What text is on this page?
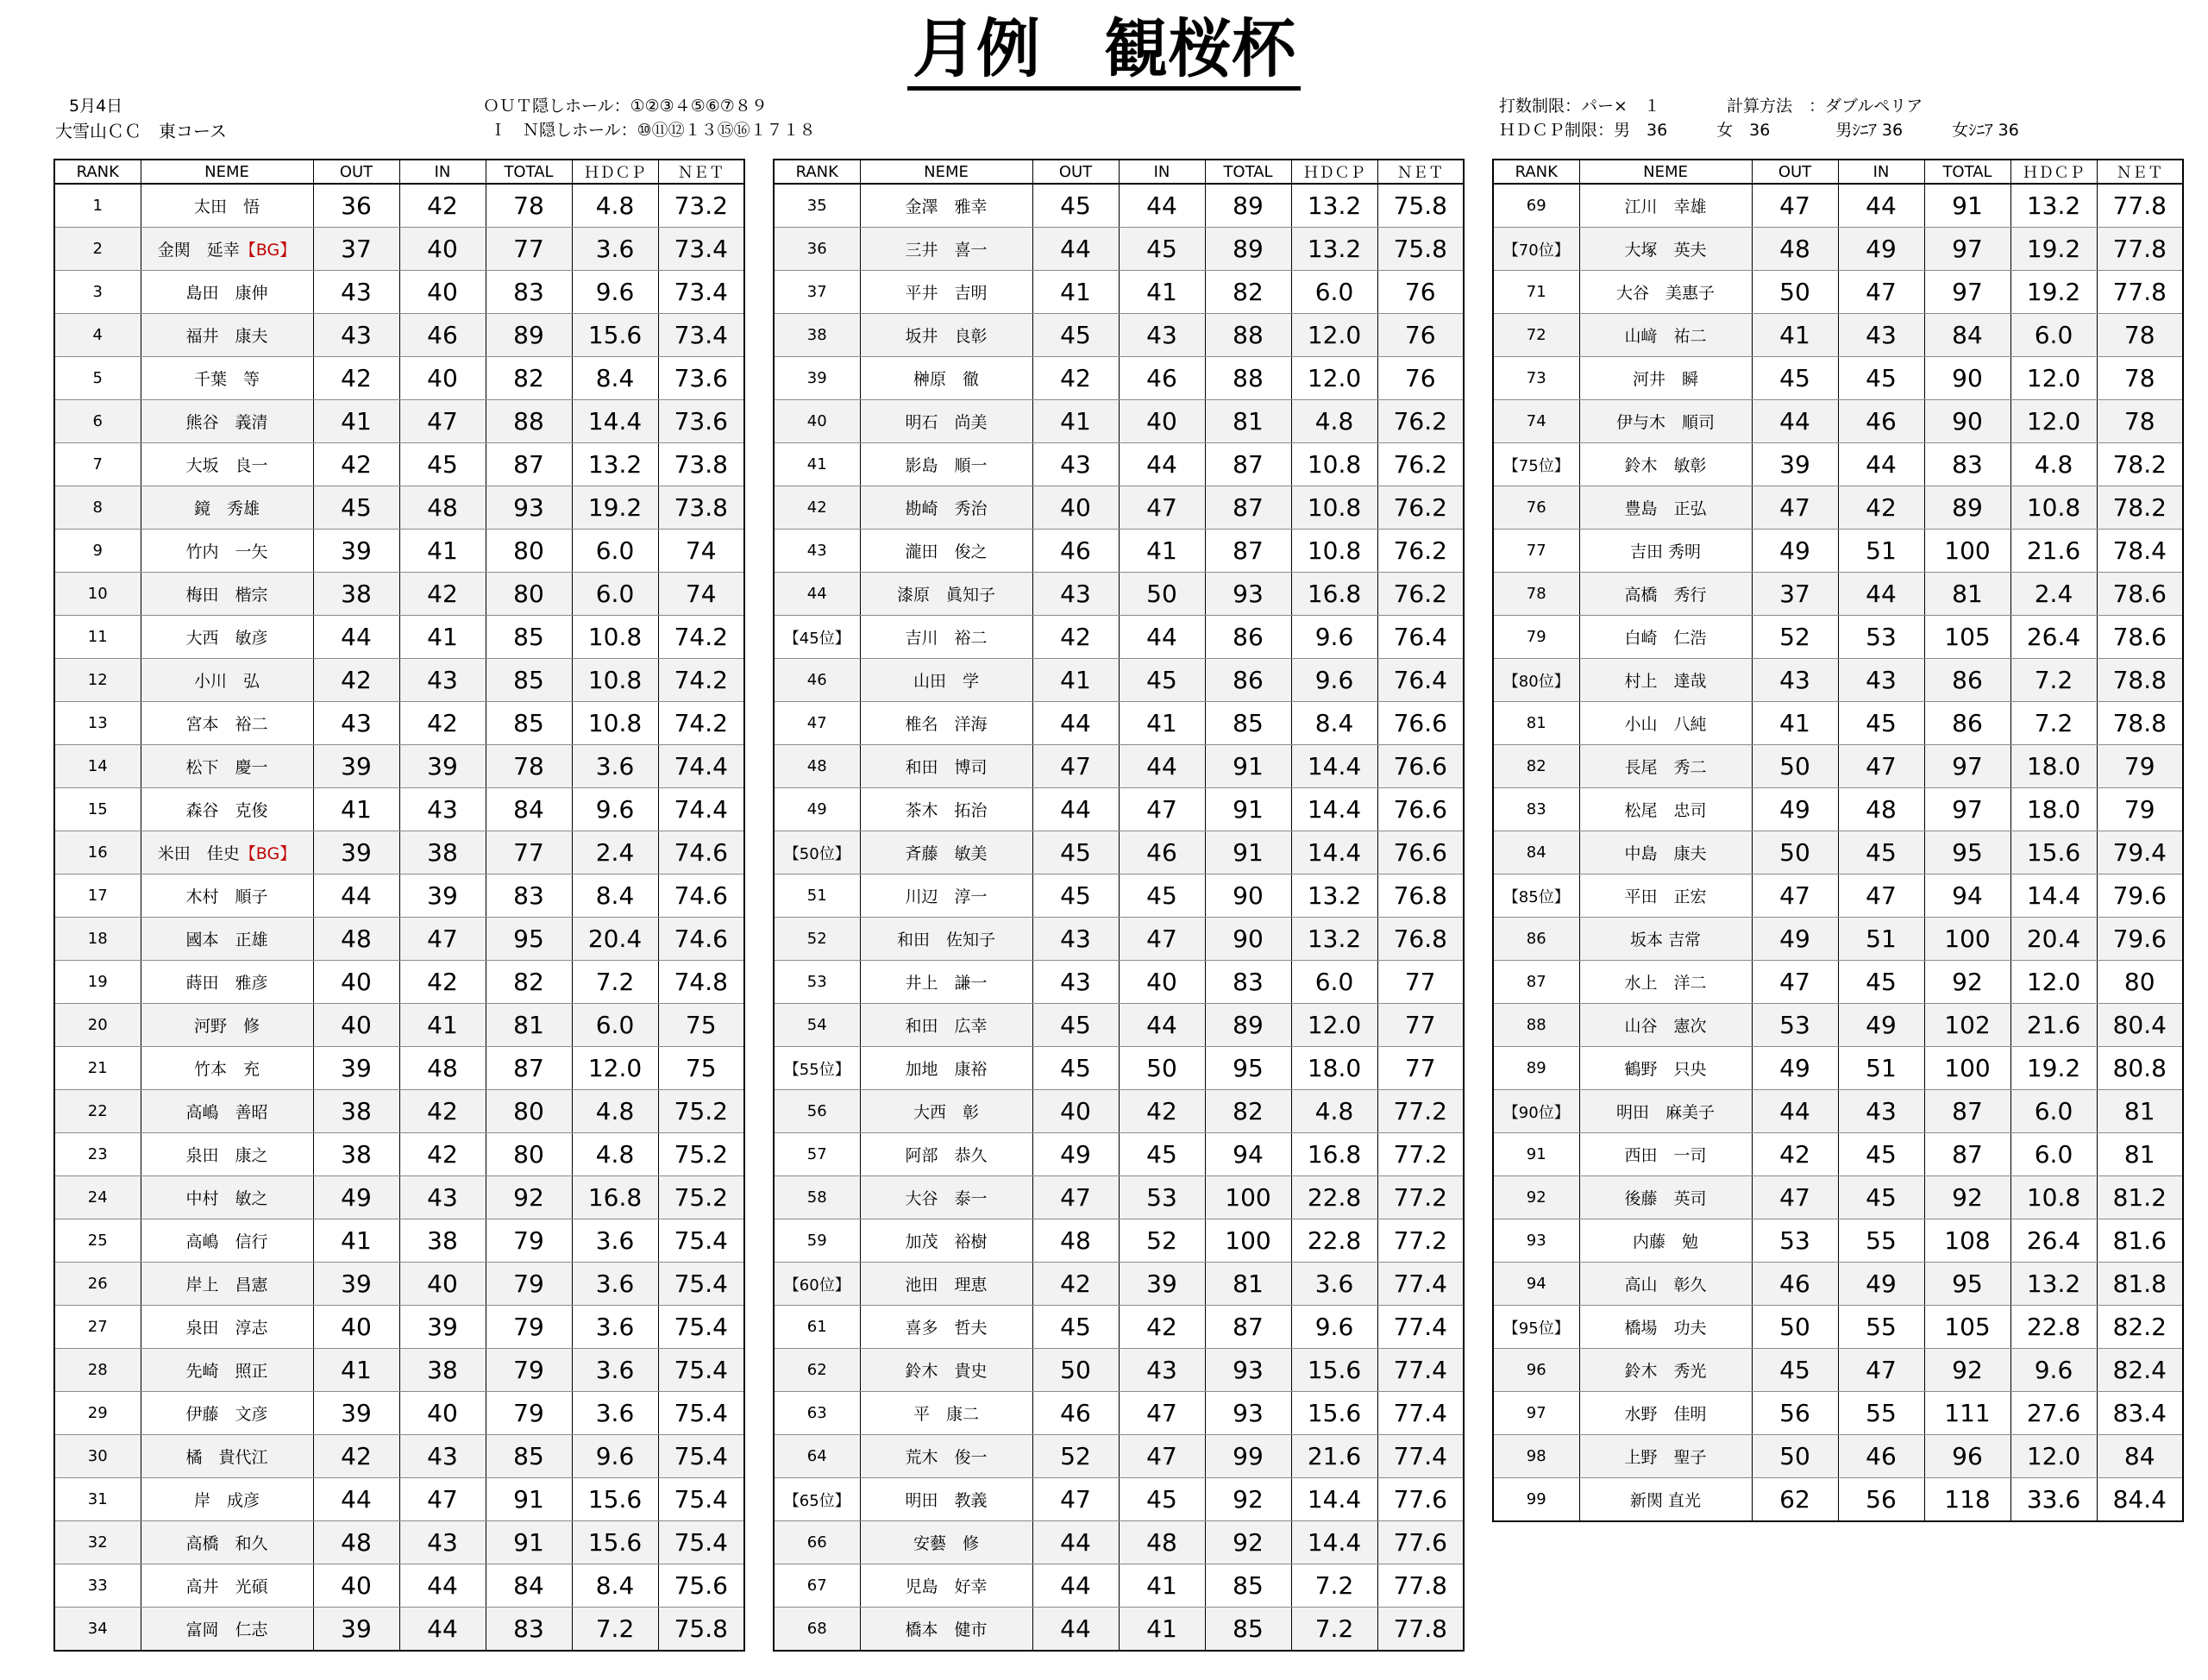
月例　観桜杯
5月4日
大雪山ＣＣ　東コース
ＯＵＴ隠しホール：①②③４⑤⑥⑦８９
Ｉ　Ｎ隠しホール：⑩⑪⑫１３⑮⑯１７１８
打数制限：パー×　１	計算方法　：ダブルペリア
ＨＤＣＰ制限：男　36　　　女　36　　　　男ｼﾆｱ 36　　　女ｼﾆｱ 36
RANK	NEME	OUT	IN	TOTAL	ＨＤＣＰ	ＮＥＴ
1	太田　悟	36	42	78	4.8	73.2
2	金関　延幸【BG】	37	40	77	3.6	73.4
3	島田　康伸	43	40	83	9.6	73.4
4	福井　康夫	43	46	89	15.6	73.4
5	千葉　等	42	40	82	8.4	73.6
6	熊谷　義清	41	47	88	14.4	73.6
7	大坂　良一	42	45	87	13.2	73.8
8	鏡　秀雄	45	48	93	19.2	73.8
9	竹内　一矢	39	41	80	6.0	74
10	梅田　楷宗	38	42	80	6.0	74
11	大西　敏彦	44	41	85	10.8	74.2
12	小川　弘	42	43	85	10.8	74.2
13	宮本　裕二	43	42	85	10.8	74.2
14	松下　慶一	39	39	78	3.6	74.4
15	森谷　克俊	41	43	84	9.6	74.4
16	米田　佳史【BG】	39	38	77	2.4	74.6
17	木村　順子	44	39	83	8.4	74.6
18	國本　正雄	48	47	95	20.4	74.6
19	蒔田　雅彦	40	42	82	7.2	74.8
20	河野　修	40	41	81	6.0	75
21	竹本　充	39	48	87	12.0	75
22	高嶋　善昭	38	42	80	4.8	75.2
23	泉田　康之	38	42	80	4.8	75.2
24	中村　敏之	49	43	92	16.8	75.2
25	高嶋　信行	41	38	79	3.6	75.4
26	岸上　昌憲	39	40	79	3.6	75.4
27	泉田　淳志	40	39	79	3.6	75.4
28	先崎　照正	41	38	79	3.6	75.4
29	伊藤　文彦	39	40	79	3.6	75.4
30	橘　貴代江	42	43	85	9.6	75.4
31	岸　成彦	44	47	91	15.6	75.4
32	高橋　和久	48	43	91	15.6	75.4
33	高井　光碩	40	44	84	8.4	75.6
34	富岡　仁志	39	44	83	7.2	75.8
RANK	NEME	OUT	IN	TOTAL	ＨＤＣＰ	ＮＥＴ
35	金澤　雅幸	45	44	89	13.2	75.8
36	三井　喜一	44	45	89	13.2	75.8
37	平井　吉明	41	41	82	6.0	76
38	坂井　良彰	45	43	88	12.0	76
39	榊原　徹	42	46	88	12.0	76
40	明石　尚美	41	40	81	4.8	76.2
41	影島　順一	43	44	87	10.8	76.2
42	勘崎　秀治	40	47	87	10.8	76.2
43	瀧田　俊之	46	41	87	10.8	76.2
44	漆原　眞知子	43	50	93	16.8	76.2
【45位】	吉川　裕二	42	44	86	9.6	76.4
46	山田　学	41	45	86	9.6	76.4
47	椎名　洋海	44	41	85	8.4	76.6
48	和田　博司	47	44	91	14.4	76.6
49	茶木　拓治	44	47	91	14.4	76.6
【50位】	斉藤　敏美	45	46	91	14.4	76.6
51	川辺　淳一	45	45	90	13.2	76.8
52	和田　佐知子	43	47	90	13.2	76.8
53	井上　謙一	43	40	83	6.0	77
54	和田　広幸	45	44	89	12.0	77
【55位】	加地　康裕	45	50	95	18.0	77
56	大西　彰	40	42	82	4.8	77.2
57	阿部　恭久	49	45	94	16.8	77.2
58	大谷　泰一	47	53	100	22.8	77.2
59	加茂　裕樹	48	52	100	22.8	77.2
【60位】	池田　理恵	42	39	81	3.6	77.4
61	喜多　哲夫	45	42	87	9.6	77.4
62	鈴木　貴史	50	43	93	15.6	77.4
63	平　康二	46	47	93	15.6	77.4
64	荒木　俊一	52	47	99	21.6	77.4
【65位】	明田　教義	47	45	92	14.4	77.6
66	安藝　修	44	48	92	14.4	77.6
67	児島　好幸	44	41	85	7.2	77.8
68	橋本　健市	44	41	85	7.2	77.8
RANK	NEME	OUT	IN	TOTAL	ＨＤＣＰ	ＮＥＴ
69	江川　幸雄	47	44	91	13.2	77.8
【70位】	大塚　英夫	48	49	97	19.2	77.8
71	大谷　美惠子	50	47	97	19.2	77.8
72	山﨑　祐二	41	43	84	6.0	78
73	河井　瞬	45	45	90	12.0	78
74	伊与木　順司	44	46	90	12.0	78
【75位】	鈴木　敏彰	39	44	83	4.8	78.2
76	豊島　正弘	47	42	89	10.8	78.2
77	吉田 秀明	49	51	100	21.6	78.4
78	高橋　秀行	37	44	81	2.4	78.6
79	白崎　仁浩	52	53	105	26.4	78.6
【80位】	村上　達哉	43	43	86	7.2	78.8
81	小山　八純	41	45	86	7.2	78.8
82	長尾　秀二	50	47	97	18.0	79
83	松尾　忠司	49	48	97	18.0	79
84	中島　康夫	50	45	95	15.6	79.4
【85位】	平田　正宏	47	47	94	14.4	79.6
86	坂本 吉常	49	51	100	20.4	79.6
87	水上　洋二	47	45	92	12.0	80
88	山谷　憲次	53	49	102	21.6	80.4
89	鶴野　只央	49	51	100	19.2	80.8
【90位】	明田　麻美子	44	43	87	6.0	81
91	西田　一司	42	45	87	6.0	81
92	後藤　英司	47	45	92	10.8	81.2
93	内藤　勉	53	55	108	26.4	81.6
94	高山　彰久	46	49	95	13.2	81.8
【95位】	橋場　功夫	50	55	105	22.8	82.2
96	鈴木　秀光	45	47	92	9.6	82.4
97	水野　佳明	56	55	111	27.6	83.4
98	上野　聖子	50	46	96	12.0	84
99	新関 直光	62	56	118	33.6	84.4
